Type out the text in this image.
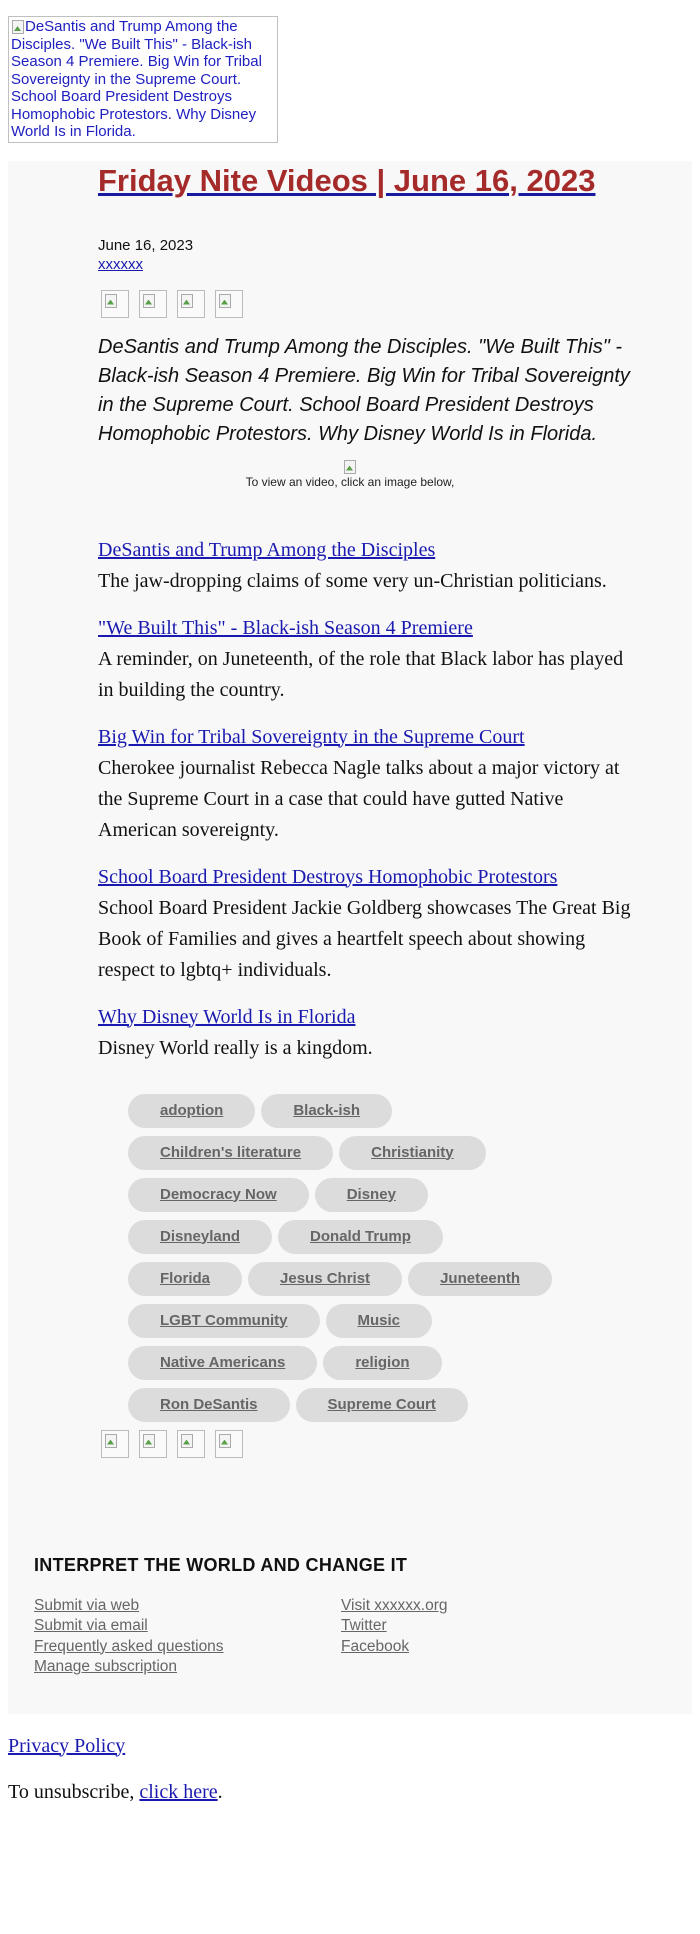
DeSantis and Trump Among the Disciples. "We Built This" - Black-ish Season 4 Premiere. Big Win for Tribal Sovereignty in the Supreme Court. School Board President Destroys Homophobic Protestors. Why Disney World Is in Florida.
Friday Nite Videos | June 16, 2023
June 16, 2023
xxxxxx

DeSantis and Trump Among the Disciples. "We Built This" - Black-ish Season 4 Premiere. Big Win for Tribal Sovereignty in the Supreme Court. School Board President Destroys Homophobic Protestors. Why Disney World Is in Florida.

To view an video, click an image below,
DeSantis and Trump Among the Disciples
The jaw-dropping claims of some very un-Christian politicians.
"We Built This" - Black-ish Season 4 Premiere
A reminder, on Juneteenth, of the role that Black labor has played in building the country.
Big Win for Tribal Sovereignty in the Supreme Court
Cherokee journalist Rebecca Nagle talks about a major victory at the Supreme Court in a case that could have gutted Native American sovereignty.
School Board President Destroys Homophobic Protestors
School Board President Jackie Goldberg showcases The Great Big Book of Families and gives a heartfelt speech about showing respect to lgbtq+ individuals.
Why Disney World Is in Florida
Disney World really is a kingdom.
adoption	Black-ish
Children's literature	Christianity
Democracy Now	Disney
Disneyland	Donald Trump
Florida	Jesus Christ	Juneteenth
LGBT Community	Music
Native Americans	religion
Ron DeSantis	Supreme Court
INTERPRET THE WORLD AND CHANGE IT
Submit via web
Submit via email
Frequently asked questions
Manage subscription
Visit xxxxxx.org
Twitter
Facebook
Privacy Policy
To unsubscribe, click here.
